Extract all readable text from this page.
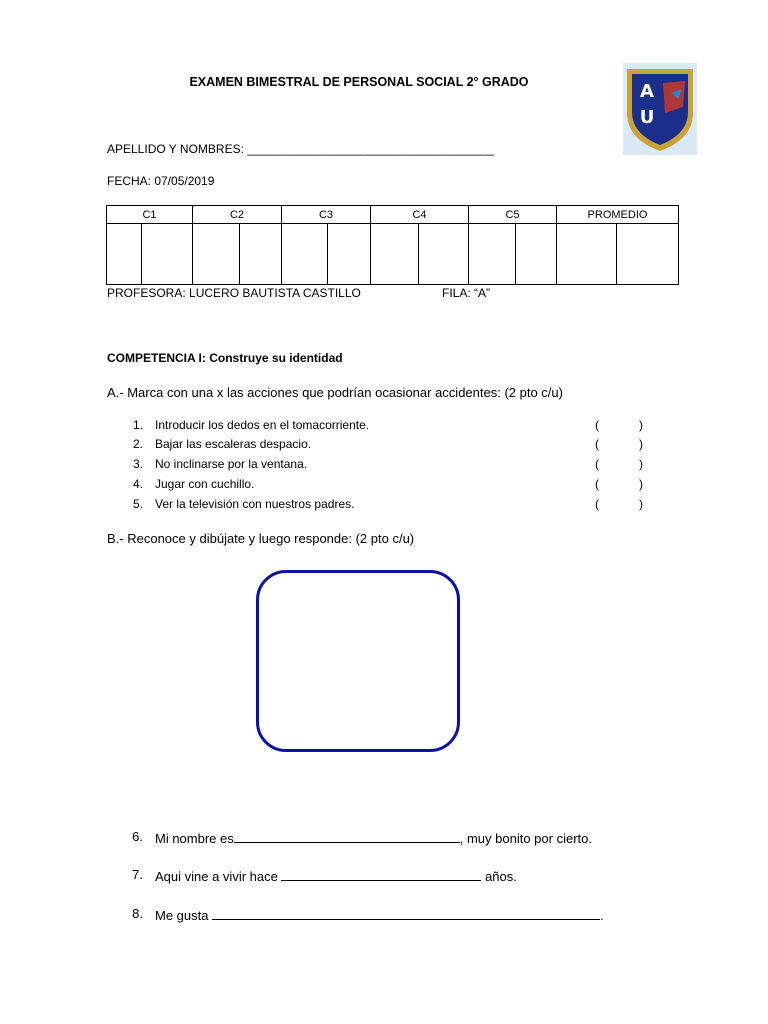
EXAMEN BIMESTRAL DE PERSONAL SOCIAL 2° GRADO	A
U
APELLIDO Y NOMBRES: _____________________________________
FECHA: 07/05/2019
C1		C2		C3		C4		C5		PROMEDIO	

PROFESORA: LUCERO BAUTISTA CASTILLO	FILA: “A”
COMPETENCIA I: Construye su identidad
A.- Marca con una x las acciones que podrían ocasionar accidentes: (2 pto c/u)
1. Introducir los dedos en el tomacorriente.	(	)
2. Bajar las escaleras despacio.	(	)
3. No inclinarse por la ventana.	(	)
4. Jugar con cuchillo.	(	)
5. Ver la televisión con nuestros padres.	(	)
B.- Reconoce y dibújate y luego responde: (2 pto c/u)
6. Mi nombre es	, muy bonito por cierto.
7. Aqui vine a vivir hace	años.
8. Me gusta	.
